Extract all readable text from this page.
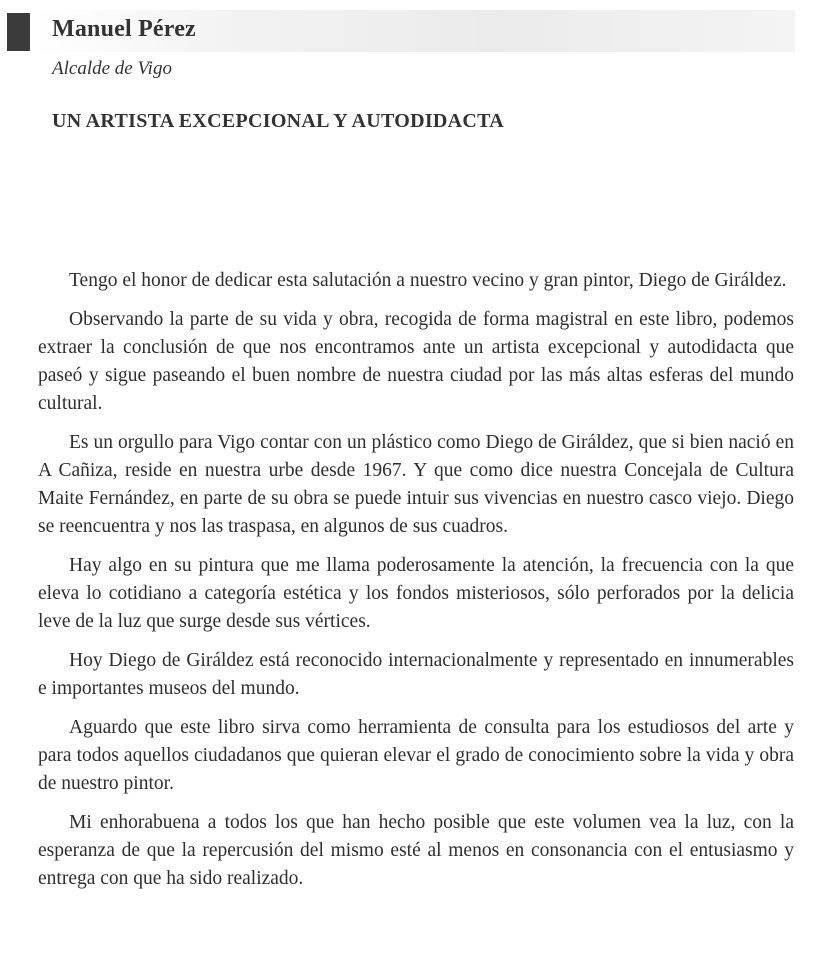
Manuel Pérez
Alcalde de Vigo
UN ARTISTA EXCEPCIONAL Y AUTODIDACTA

Tengo el honor de dedicar esta salutación a nuestro vecino y gran pintor, Diego de Giráldez.

Observando la parte de su vida y obra, recogida de forma magistral en este libro, podemos extraer la conclusión de que nos encontramos ante un artista excepcional y autodidacta que paseó y sigue paseando el buen nombre de nuestra ciudad por las más altas esferas del mundo cultural.

Es un orgullo para Vigo contar con un plástico como Diego de Giráldez, que si bien nació en A Cañiza, reside en nuestra urbe desde 1967. Y que como dice nuestra Concejala de Cultura Maite Fernández, en parte de su obra se puede intuir sus vivencias en nuestro casco viejo. Diego se reencuentra y nos las traspasa, en algunos de sus cuadros.

Hay algo en su pintura que me llama poderosamente la atención, la frecuencia con la que eleva lo cotidiano a categoría estética y los fondos misteriosos, sólo perforados por la delicia leve de la luz que surge desde sus vértices.

Hoy Diego de Giráldez está reconocido internacionalmente y representado en innumerables e importantes museos del mundo.

Aguardo que este libro sirva como herramienta de consulta para los estudiosos del arte y para todos aquellos ciudadanos que quieran elevar el grado de conocimiento sobre la vida y obra de nuestro pintor.

Mi enhorabuena a todos los que han hecho posible que este volumen vea la luz, con la esperanza de que la repercusión del mismo esté al menos en consonancia con el entusiasmo y entrega con que ha sido realizado.
